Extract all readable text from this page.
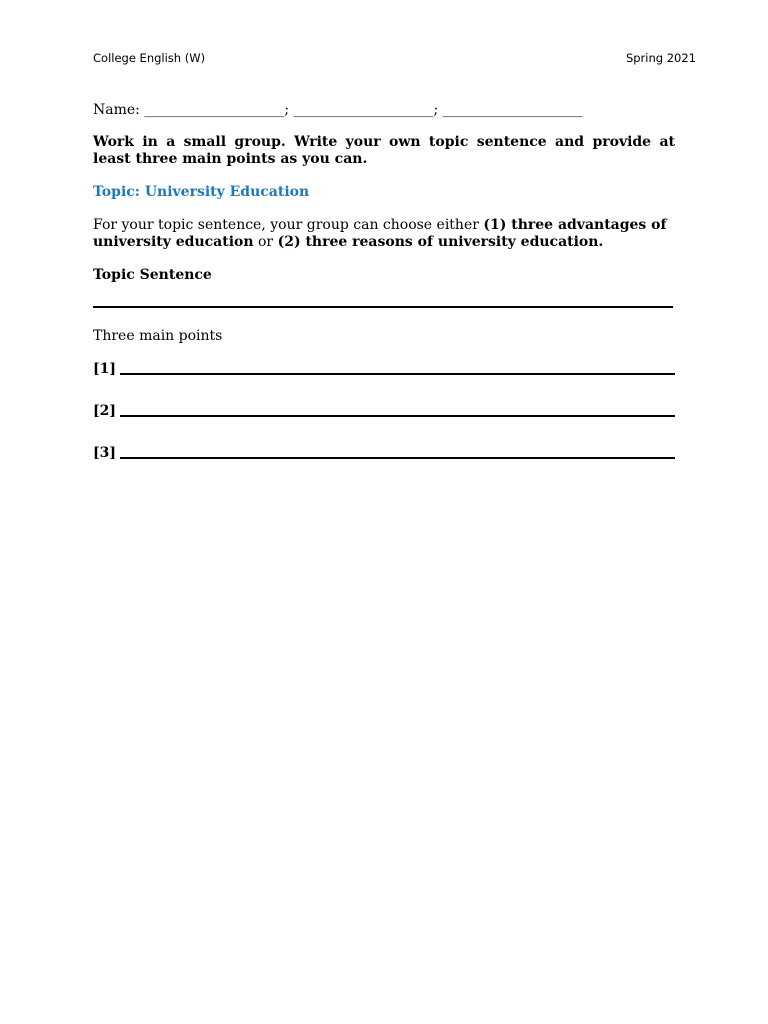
College English (W)	Spring 2021

Name: ____________________; ____________________; ____________________

Work in a small group. Write your own topic sentence and provide at least three main points as you can.

Topic: University Education

For your topic sentence, your group can choose either (1) three advantages of university education or (2) three reasons of university education.

Topic Sentence

Three main points

[1]
[2]
[3]
